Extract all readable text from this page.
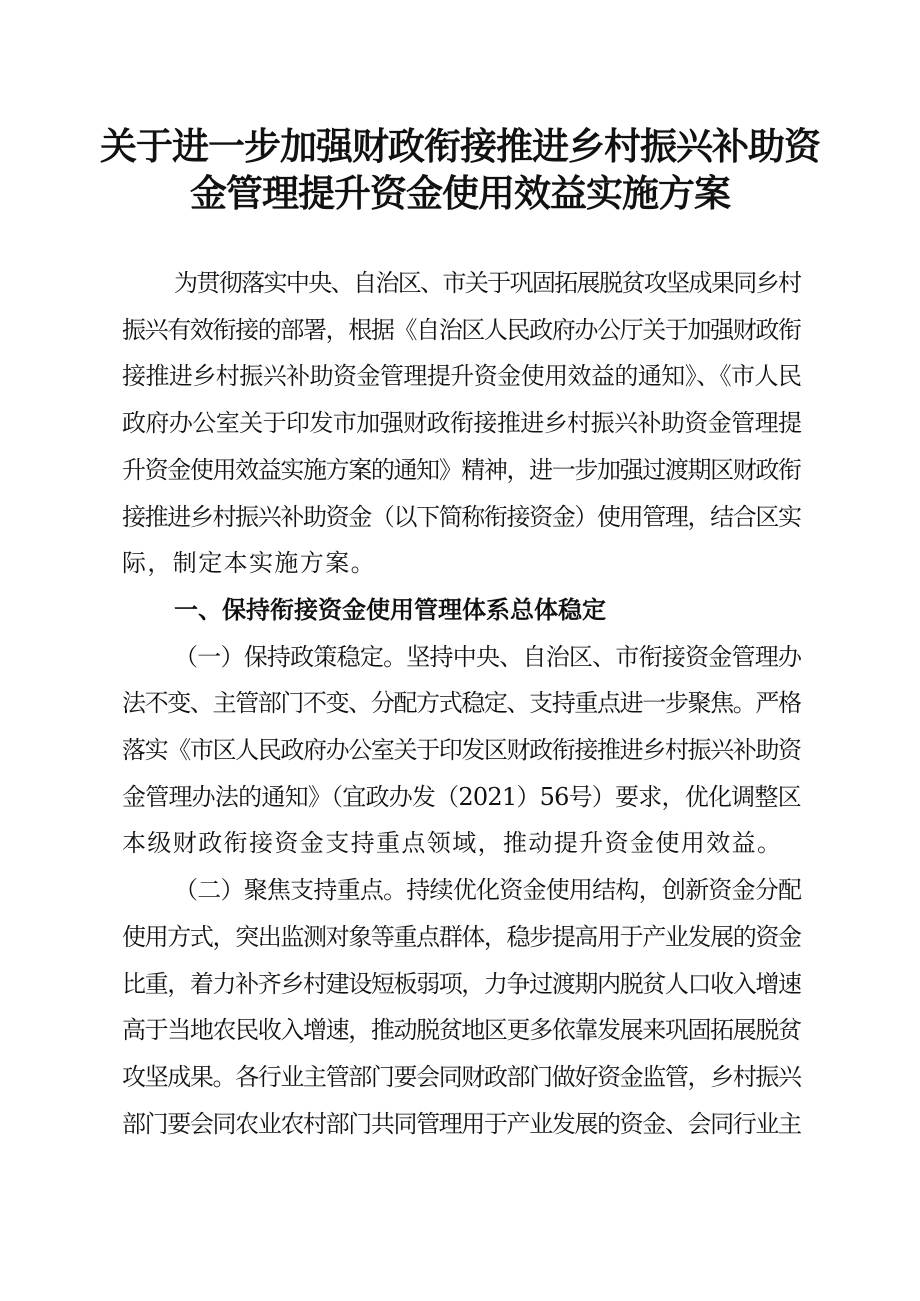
关于进一步加强财政衔接推进乡村振兴补助资
金管理提升资金使用效益实施方案
为贯彻落实中央、自治区、市关于巩固拓展脱贫攻坚成果同乡村
振兴有效衔接的部署，根据《自治区人民政府办公厅关于加强财政衔
接推进乡村振兴补助资金管理提升资金使用效益的通知》、《市人民
政府办公室关于印发市加强财政衔接推进乡村振兴补助资金管理提
升资金使用效益实施方案的通知》精神，进一步加强过渡期区财政衔
接推进乡村振兴补助资金（以下简称衔接资金）使用管理，结合区实
际，制定本实施方案。
一、保持衔接资金使用管理体系总体稳定
（一）保持政策稳定。坚持中央、自治区、市衔接资金管理办
法不变、主管部门不变、分配方式稳定、支持重点进一步聚焦。严格
落实《市区人民政府办公室关于印发区财政衔接推进乡村振兴补助资
金管理办法的通知》（宜政办发（2021）56号）要求，优化调整区
本级财政衔接资金支持重点领域，推动提升资金使用效益。
（二）聚焦支持重点。持续优化资金使用结构，创新资金分配
使用方式，突出监测对象等重点群体，稳步提高用于产业发展的资金
比重，着力补齐乡村建设短板弱项，力争过渡期内脱贫人口收入增速
高于当地农民收入增速，推动脱贫地区更多依靠发展来巩固拓展脱贫
攻坚成果。各行业主管部门要会同财政部门做好资金监管，乡村振兴
部门要会同农业农村部门共同管理用于产业发展的资金、会同行业主
